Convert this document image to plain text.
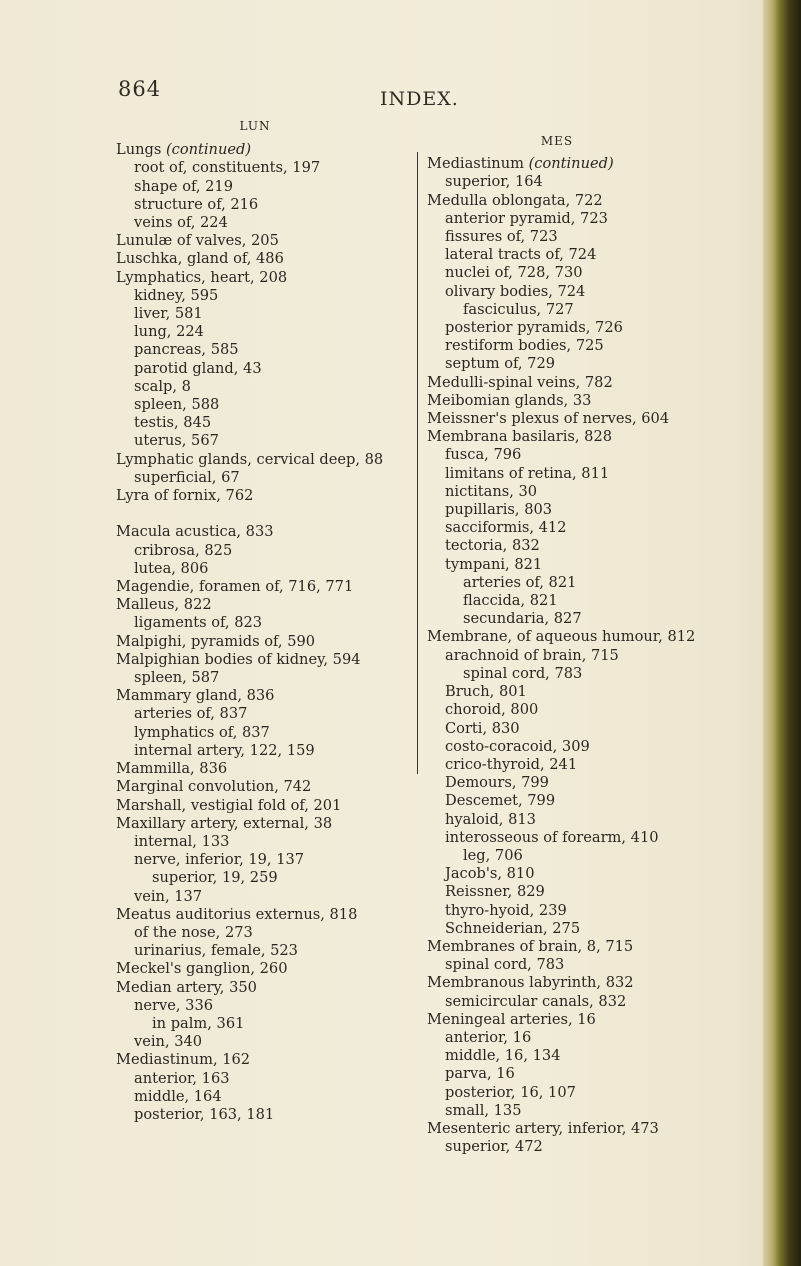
864	INDEX.
LUN
Lungs (continued)
root of, constituents, 197
shape of, 219
structure of, 216
veins of, 224
Lunulæ of valves, 205
Luschka, gland of, 486
Lymphatics, heart, 208
kidney, 595
liver, 581
lung, 224
pancreas, 585
parotid gland, 43
scalp, 8
spleen, 588
testis, 845
uterus, 567
Lymphatic glands, cervical deep, 88
superficial, 67
Lyra of fornix, 762
Macula acustica, 833
cribrosa, 825
lutea, 806
Magendie, foramen of, 716, 771
Malleus, 822
ligaments of, 823
Malpighi, pyramids of, 590
Malpighian bodies of kidney, 594
spleen, 587
Mammary gland, 836
arteries of, 837
lymphatics of, 837
internal artery, 122, 159
Mammilla, 836
Marginal convolution, 742
Marshall, vestigial fold of, 201
Maxillary artery, external, 38
internal, 133
nerve, inferior, 19, 137
superior, 19, 259
vein, 137
Meatus auditorius externus, 818
of the nose, 273
urinarius, female, 523
Meckel's ganglion, 260
Median artery, 350
nerve, 336
in palm, 361
vein, 340
Mediastinum, 162
anterior, 163
middle, 164
posterior, 163, 181
MES
Mediastinum (continued)
superior, 164
Medulla oblongata, 722
anterior pyramid, 723
fissures of, 723
lateral tracts of, 724
nuclei of, 728, 730
olivary bodies, 724
fasciculus, 727
posterior pyramids, 726
restiform bodies, 725
septum of, 729
Medulli-spinal veins, 782
Meibomian glands, 33
Meissner's plexus of nerves, 604
Membrana basilaris, 828
fusca, 796
limitans of retina, 811
nictitans, 30
pupillaris, 803
sacciformis, 412
tectoria, 832
tympani, 821
arteries of, 821
flaccida, 821
secundaria, 827
Membrane, of aqueous humour, 812
arachnoid of brain, 715
spinal cord, 783
Bruch, 801
choroid, 800
Corti, 830
costo-coracoid, 309
crico-thyroid, 241
Demours, 799
Descemet, 799
hyaloid, 813
interosseous of forearm, 410
leg, 706
Jacob's, 810
Reissner, 829
thyro-hyoid, 239
Schneiderian, 275
Membranes of brain, 8, 715
spinal cord, 783
Membranous labyrinth, 832
semicircular canals, 832
Meningeal arteries, 16
anterior, 16
middle, 16, 134
parva, 16
posterior, 16, 107
small, 135
Mesenteric artery, inferior, 473
superior, 472
